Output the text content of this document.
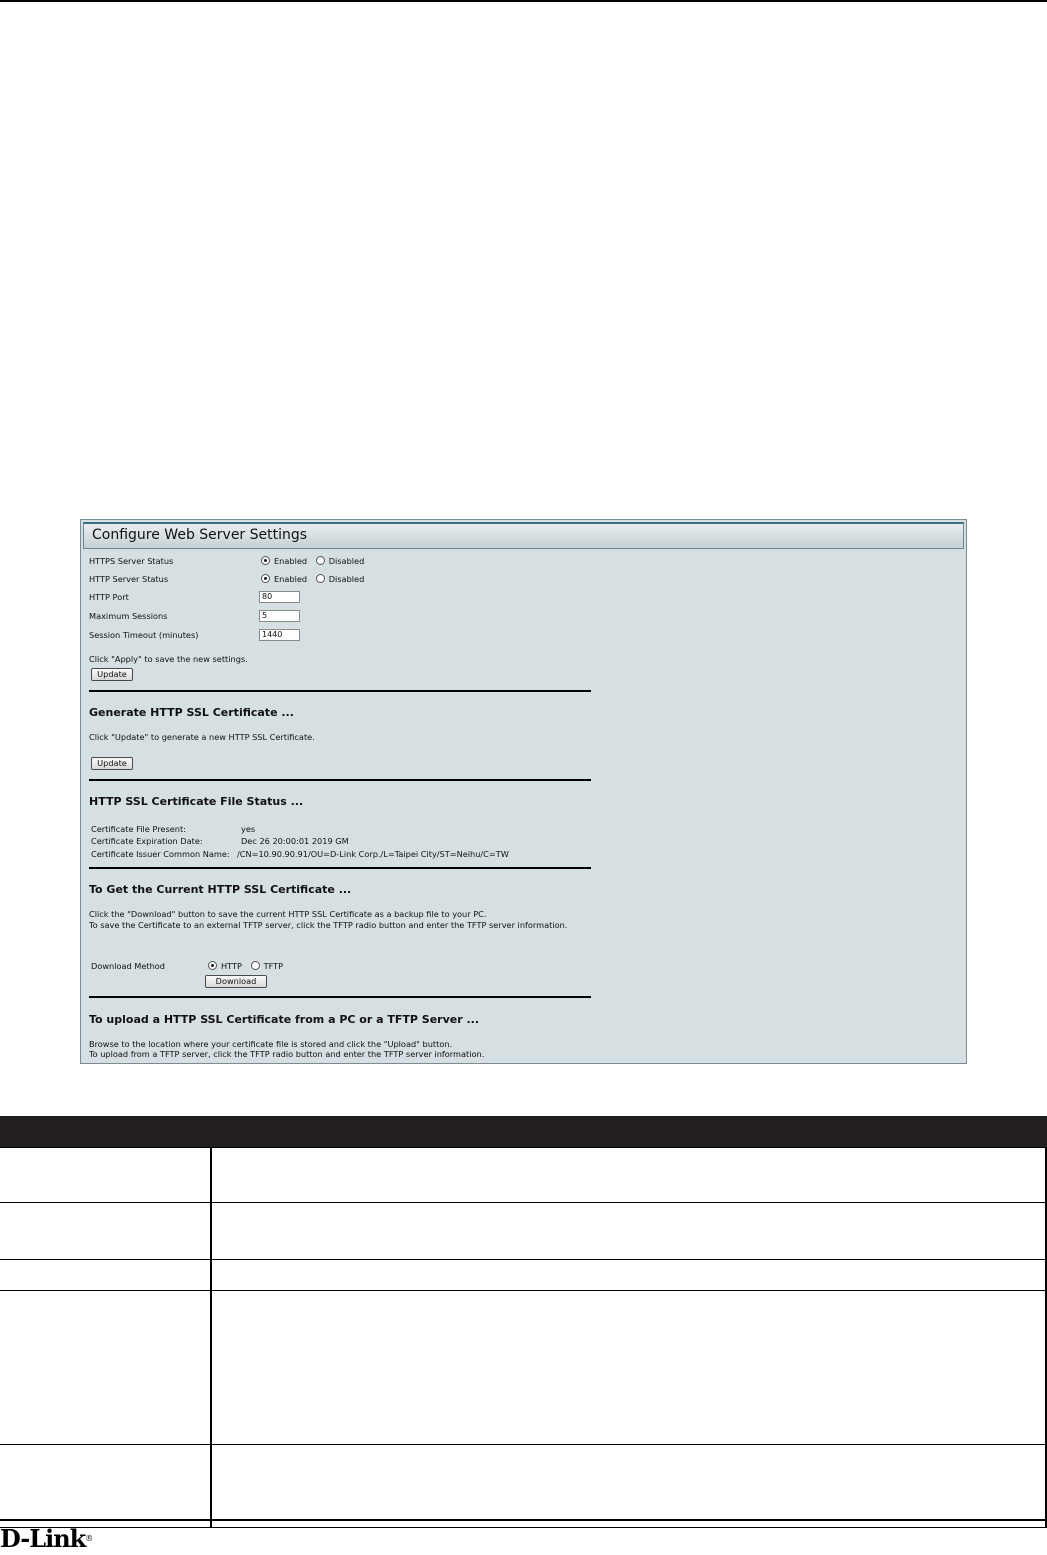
Configure Web Server Settings
HTTPS Server Status	Enabled	Disabled
HTTP Server Status	Enabled	Disabled
HTTP Port	80
Maximum Sessions	5
Session Timeout (minutes)	1440
Click "Apply" to save the new settings.
Update
Generate HTTP SSL Certificate ...
Click "Update" to generate a new HTTP SSL Certificate.
Update
HTTP SSL Certificate File Status ...
Certificate File Present:	yes
Certificate Expiration Date:	Dec 26 20:00:01 2019 GM
Certificate Issuer Common Name: /CN=10.90.90.91/OU=D-Link Corp./L=Taipei City/ST=Neihu/C=TW
To Get the Current HTTP SSL Certificate ...
Click the "Download" button to save the current HTTP SSL Certificate as a backup file to your PC.
To save the Certificate to an external TFTP server, click the TFTP radio button and enter the TFTP server information.
Download Method	HTTP	TFTP
Download
To upload a HTTP SSL Certificate from a PC or a TFTP Server ...
Browse to the location where your certificate file is stored and click the "Upload" button.
To upload from a TFTP server, click the TFTP radio button and enter the TFTP server information.
D-Link®
